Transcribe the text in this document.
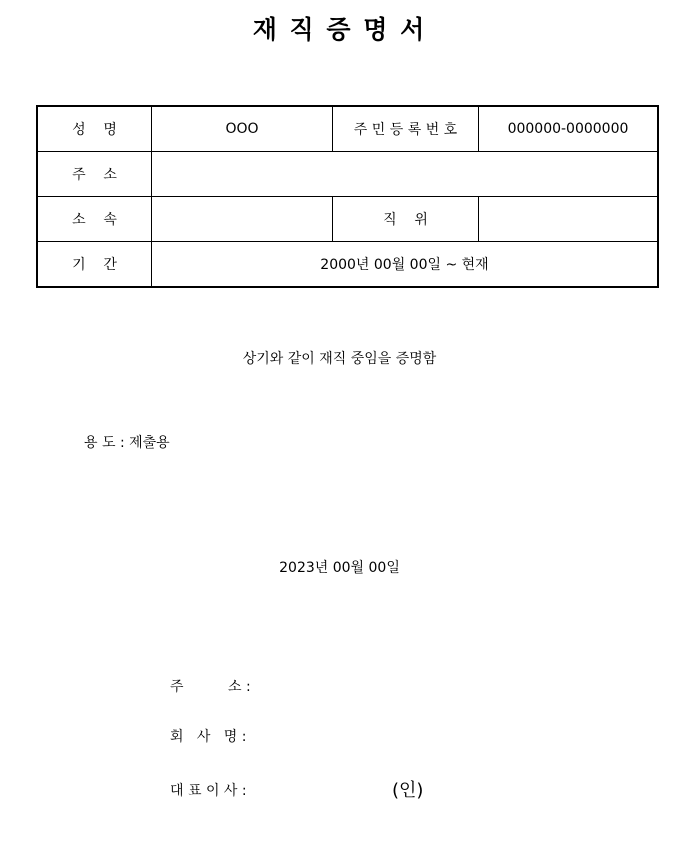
재 직 증 명 서
성    명	OOO	주 민 등 록 번 호	000000-0000000
주    소			
소    속		직    위	
기    간	2000년 00월 00일 ~ 현재		
상기와 같이 재직 중임을 증명함
용 도 : 제출용
2023년 00월 00일
주          소 :
회   사   명 :
대 표 이 사 :	(인)
